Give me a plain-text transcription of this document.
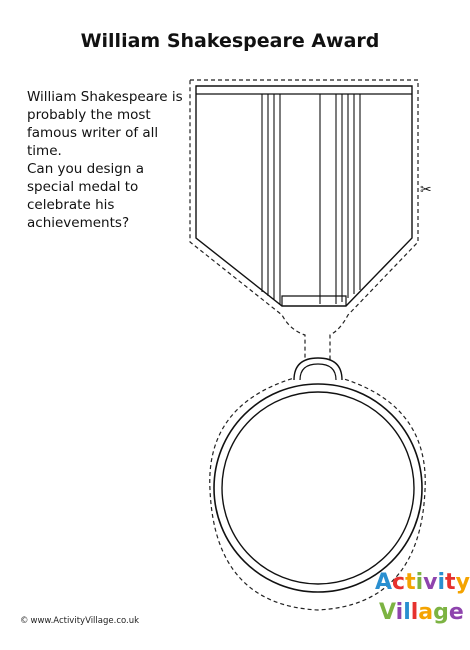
William Shakespeare Award

William Shakespeare is probably the most famous writer of all time.

Can you design a special medal to celebrate his achievements?

✂
© www.ActivityVillage.co.uk
Activity
Village
